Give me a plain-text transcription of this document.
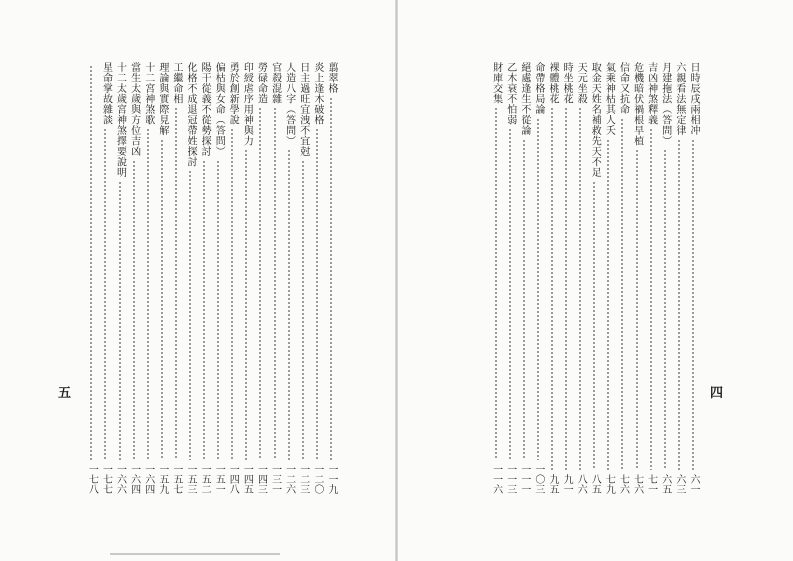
五
翦翠格
一一九
炎上逢木破格
一二〇
日主過旺宜洩不宜尅
一二三
人造八字（答問）
一二六
官殺混雜
一三一
勞碌命造
一四三
印綬虐序用神與力
一四五
勇於創新學說
一四八
偏枯與女命（答問）
一五一
陽干從義不從勢探討
一五二
化格不成退冠帶姓探討
一五三
工繼命相
一五七
理論與實際見解
一五九
十二宮神煞歌
一六四
當生太歲與方位吉凶
一六四
十二太歲宮神煞擇要說明
一六六
星命掌故雜談
一七七
一七八
四
日時辰戌兩相冲
六一
六親看法無定律
六三
月建拖法（答問）
六五
吉凶神煞釋義
七一
危機暗伏禍根早植
七六
信命又抗命
七六
氣乘神枯其人夭
七九
取金天姓名補救先天不足
八五
天元坐殺
八六
時坐桃花
九一
裸體桃花
九五
命帶格局論
一〇三
絕處逢生不從論
一一一
乙木衰不怕弱
一一三
財庫交集
一一六
